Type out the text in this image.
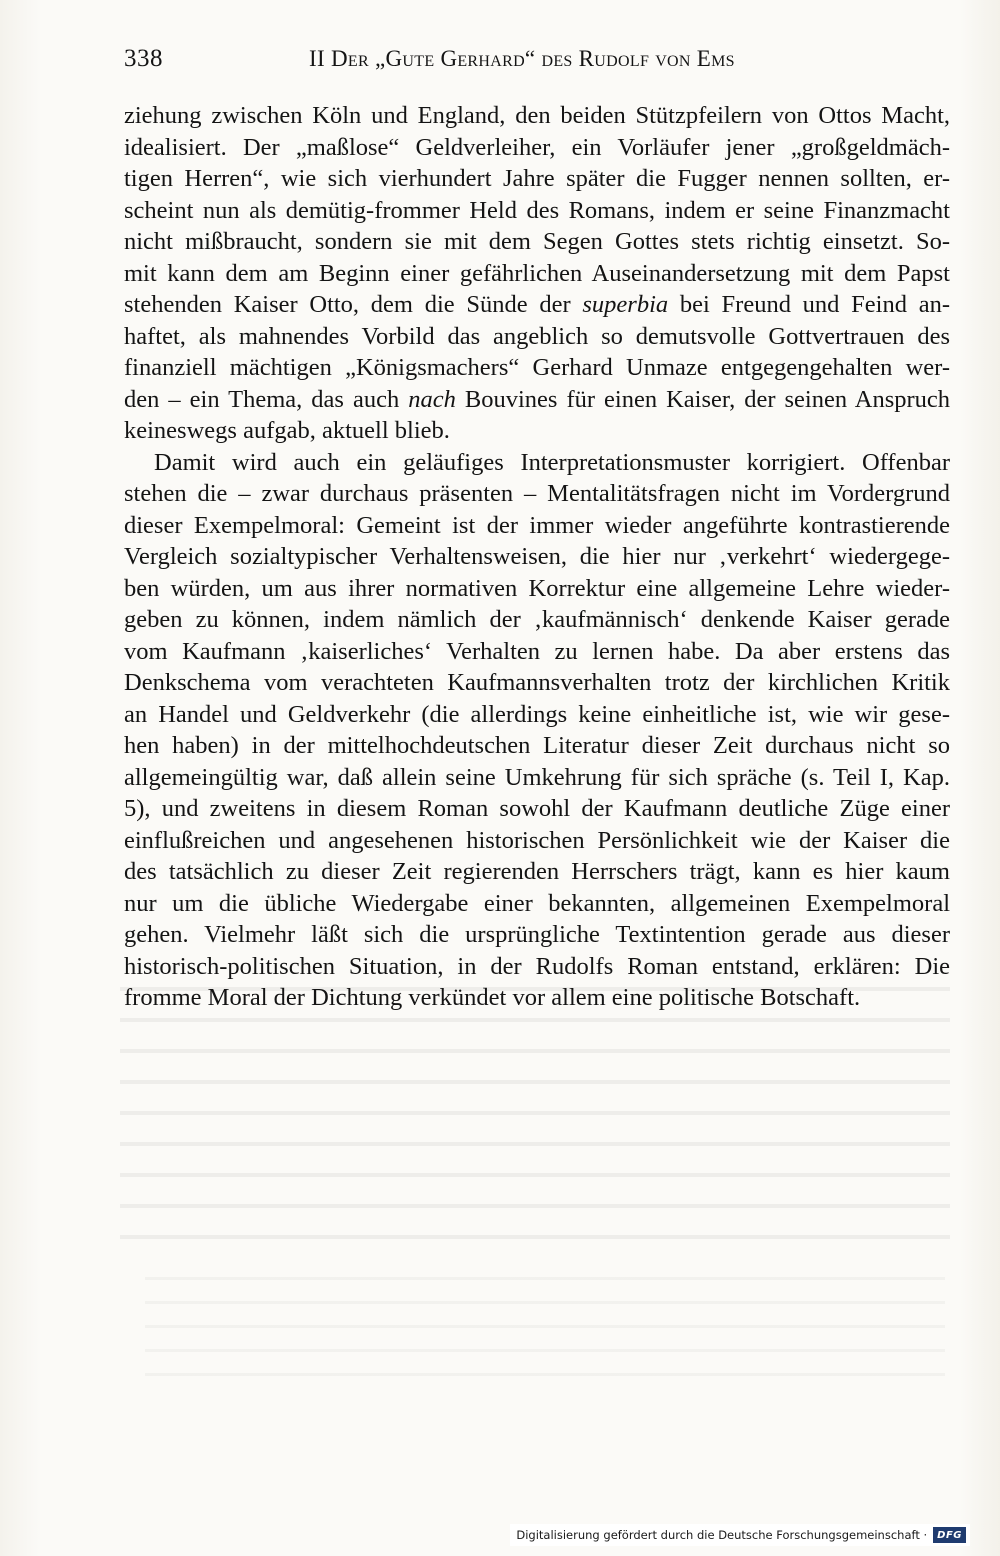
338	II Der „Gute Gerhard“ des Rudolf von Ems

ziehung zwischen Köln und England, den beiden Stützpfeilern von Ottos Macht,
idealisiert. Der „maßlose“ Geldverleiher, ein Vorläufer jener „großgeldmäch-
tigen Herren“, wie sich vierhundert Jahre später die Fugger nennen sollten, er-
scheint nun als demütig-frommer Held des Romans, indem er seine Finanzmacht
nicht mißbraucht, sondern sie mit dem Segen Gottes stets richtig einsetzt. So-
mit kann dem am Beginn einer gefährlichen Auseinandersetzung mit dem Papst
stehenden Kaiser Otto, dem die Sünde der superbia bei Freund und Feind an-
haftet, als mahnendes Vorbild das angeblich so demutsvolle Gottvertrauen des
finanziell mächtigen „Königsmachers“ Gerhard Unmaze entgegengehalten wer-
den – ein Thema, das auch nach Bouvines für einen Kaiser, der seinen Anspruch
keineswegs aufgab, aktuell blieb.

Damit wird auch ein geläufiges Interpretationsmuster korrigiert. Offenbar
stehen die – zwar durchaus präsenten – Mentalitätsfragen nicht im Vordergrund
dieser Exempelmoral: Gemeint ist der immer wieder angeführte kontrastierende
Vergleich sozialtypischer Verhaltensweisen, die hier nur ‚verkehrt‘ wiedergege-
ben würden, um aus ihrer normativen Korrektur eine allgemeine Lehre wieder-
geben zu können, indem nämlich der ‚kaufmännisch‘ denkende Kaiser gerade
vom Kaufmann ‚kaiserliches‘ Verhalten zu lernen habe. Da aber erstens das
Denkschema vom verachteten Kaufmannsverhalten trotz der kirchlichen Kritik
an Handel und Geldverkehr (die allerdings keine einheitliche ist, wie wir gese-
hen haben) in der mittelhochdeutschen Literatur dieser Zeit durchaus nicht so
allgemeingültig war, daß allein seine Umkehrung für sich spräche (s. Teil I, Kap.
5), und zweitens in diesem Roman sowohl der Kaufmann deutliche Züge einer
einflußreichen und angesehenen historischen Persönlichkeit wie der Kaiser die
des tatsächlich zu dieser Zeit regierenden Herrschers trägt, kann es hier kaum
nur um die übliche Wiedergabe einer bekannten, allgemeinen Exempelmoral
gehen. Vielmehr läßt sich die ursprüngliche Textintention gerade aus dieser
historisch-politischen Situation, in der Rudolfs Roman entstand, erklären: Die
fromme Moral der Dichtung verkündet vor allem eine politische Botschaft.

Digitalisierung gefördert durch die Deutsche Forschungsgemeinschaft ·	DFG
